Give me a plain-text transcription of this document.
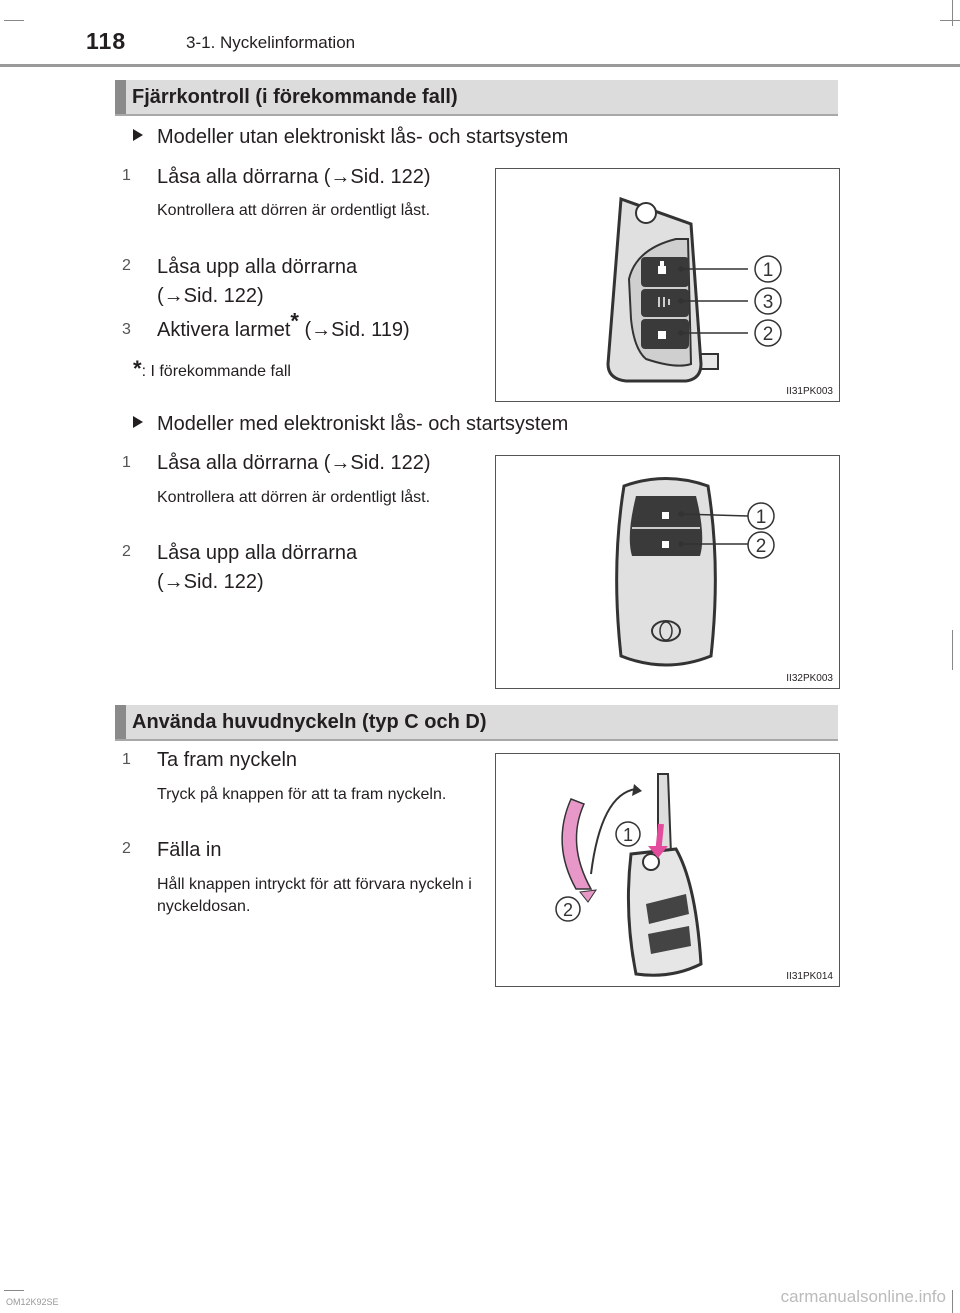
118	3-1. Nyckelinformation
Fjärrkontroll (i förekommande fall)
Modeller utan elektroniskt lås- och startsystem
1	Låsa alla dörrarna (→Sid. 122)
Kontrollera att dörren är ordentligt låst.
2	Låsa upp alla dörrarna
(→Sid. 122)
3	Aktivera larmet* (→Sid. 119)
*: I förekommande fall
1
3
2
II31PK003
Modeller med elektroniskt lås- och startsystem
1	Låsa alla dörrarna (→Sid. 122)
Kontrollera att dörren är ordentligt låst.
2	Låsa upp alla dörrarna
(→Sid. 122)
1
2
II32PK003
Använda huvudnyckeln (typ C och D)
1	Ta fram nyckeln
Tryck på knappen för att ta fram nyckeln.
2	Fälla in
Håll knappen intryckt för att förvara nyckeln i nyckeldosan.
1
2
II31PK014
carmanualsonline.info
OM12K92SE
